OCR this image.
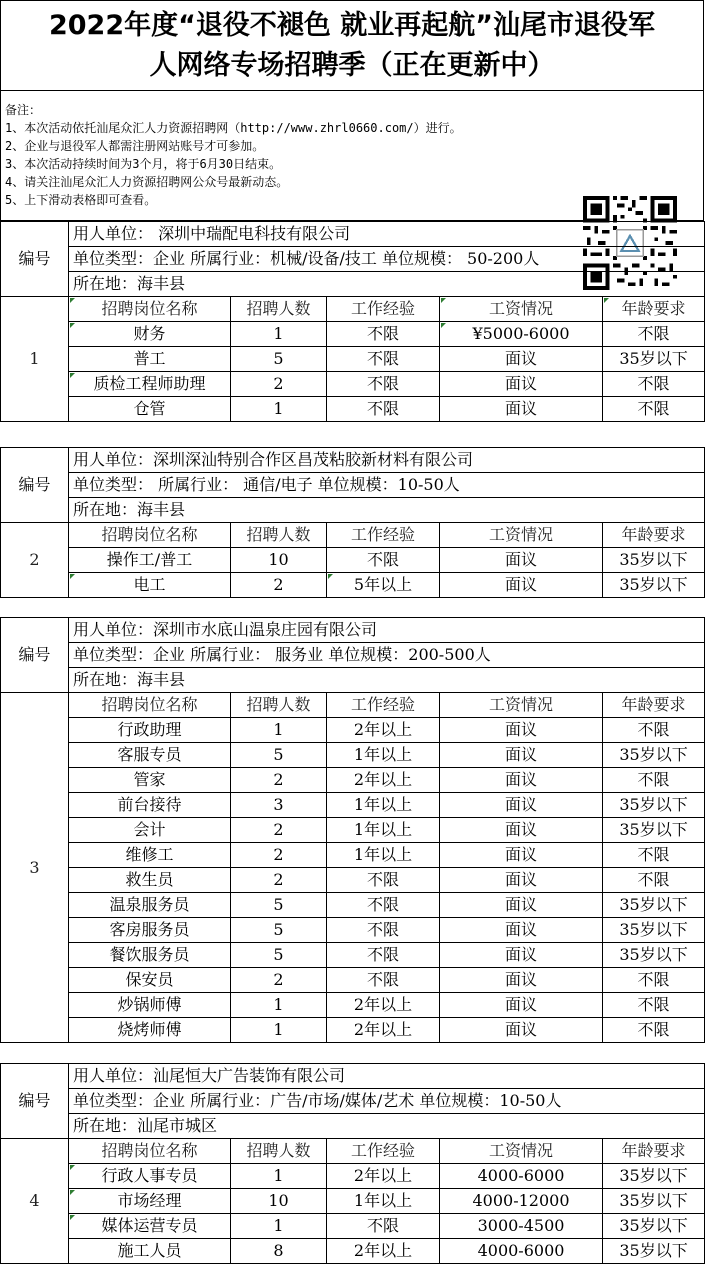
2022年度“退役不褪色 就业再起航”汕尾市退役军
人网络专场招聘季（正在更新中）
备注：
1、本次活动依托汕尾众汇人力资源招聘网（http://www.zhrl0660.com/）进行。
2、企业与退役军人都需注册网站账号才可参加。
3、本次活动持续时间为3个月，将于6月30日结束。
4、请关注汕尾众汇人力资源招聘网公众号最新动态。
5、上下滑动表格即可查看。
编号	用人单位： 深圳中瑞配电科技有限公司				
	单位类型：企业 所属行业：机械/设备/技工 单位规模： 50-200人				
	所在地：海丰县				
1	招聘岗位名称	招聘人数	工作经验	工资情况	年龄要求
	财务	1	不限	¥5000-6000	不限
	普工	5	不限	面议	35岁以下
	质检工程师助理	2	不限	面议	不限
	仓管	1	不限	面议	不限
编号	用人单位：深圳深汕特别合作区昌茂粘胶新材料有限公司				
	单位类型： 所属行业： 通信/电子 单位规模：10-50人				
	所在地：海丰县				
2	招聘岗位名称	招聘人数	工作经验	工资情况	年龄要求
	操作工/普工	10	不限	面议	35岁以下
	电工	2	5年以上	面议	35岁以下
编号	用人单位：深圳市水底山温泉庄园有限公司				
	单位类型：企业 所属行业： 服务业 单位规模：200-500人				
	所在地：海丰县				
3	招聘岗位名称	招聘人数	工作经验	工资情况	年龄要求
	行政助理	1	2年以上	面议	不限
	客服专员	5	1年以上	面议	35岁以下
	管家	2	2年以上	面议	不限
	前台接待	3	1年以上	面议	35岁以下
	会计	2	1年以上	面议	35岁以下
	维修工	2	1年以上	面议	不限
	救生员	2	不限	面议	不限
	温泉服务员	5	不限	面议	35岁以下
	客房服务员	5	不限	面议	35岁以下
	餐饮服务员	5	不限	面议	35岁以下
	保安员	2	不限	面议	不限
	炒锅师傅	1	2年以上	面议	不限
	烧烤师傅	1	2年以上	面议	不限
编号	用人单位：汕尾恒大广告装饰有限公司				
	单位类型：企业 所属行业：广告/市场/媒体/艺术 单位规模：10-50人				
	所在地：汕尾市城区				
4	招聘岗位名称	招聘人数	工作经验	工资情况	年龄要求
	行政人事专员	1	2年以上	4000-6000	35岁以下
	市场经理	10	1年以上	4000-12000	35岁以下
	媒体运营专员	1	不限	3000-4500	35岁以下
	施工人员	8	2年以上	4000-6000	35岁以下
